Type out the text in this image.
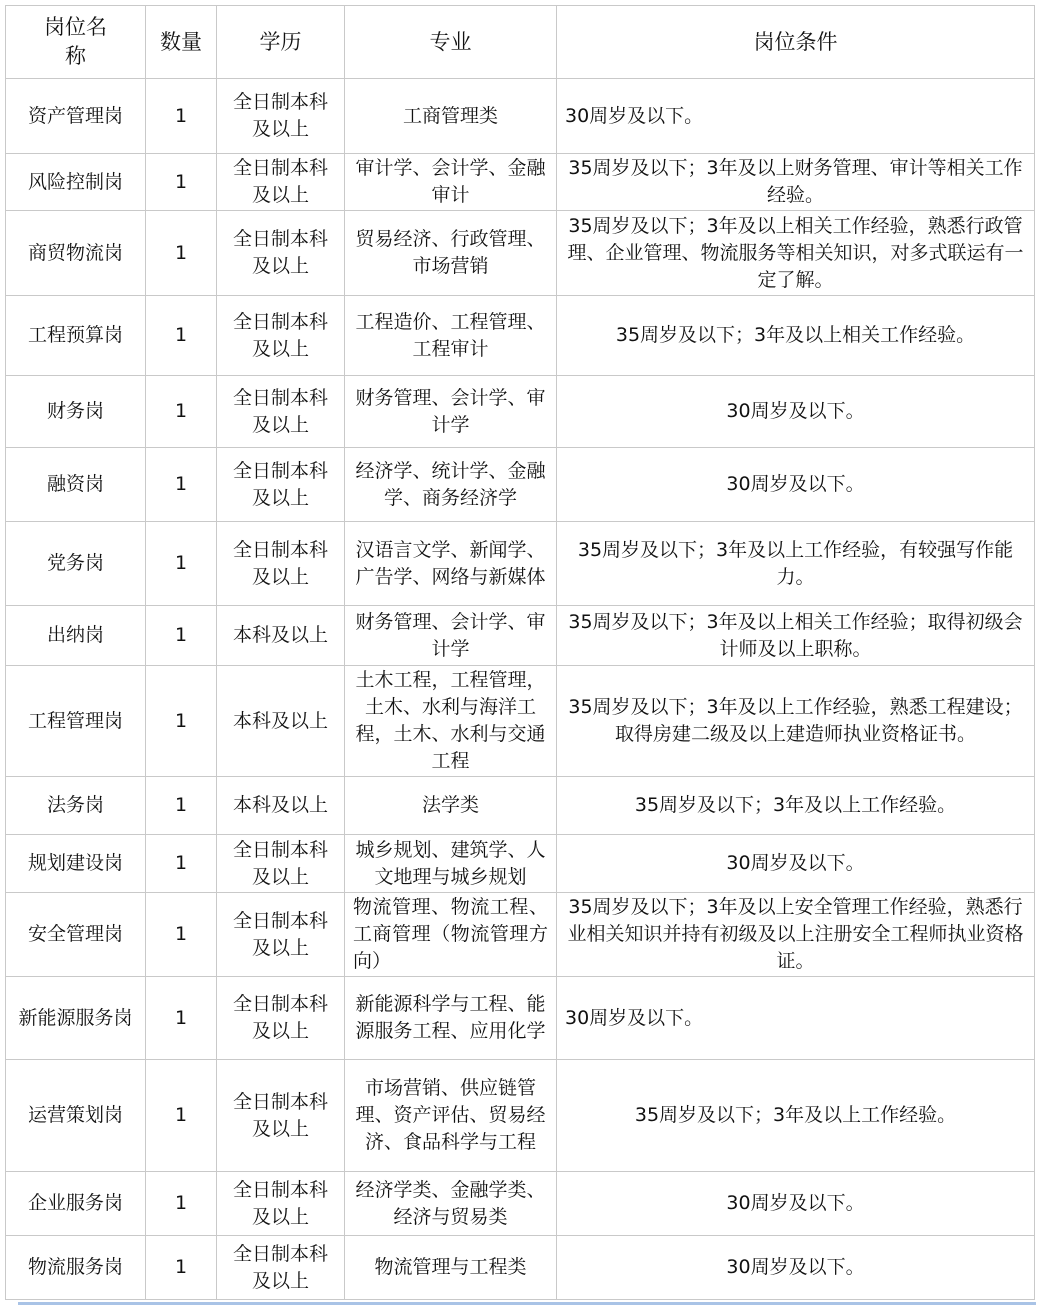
岗位名称	数量	学历	专业	岗位条件
资产管理岗	1	全日制本科及以上	工商管理类	30周岁及以下。
风险控制岗	1	全日制本科及以上	审计学、会计学、金融审计	35周岁及以下；3年及以上财务管理、审计等相关工作经验。
商贸物流岗	1	全日制本科及以上	贸易经济、行政管理、市场营销	35周岁及以下；3年及以上相关工作经验，熟悉行政管理、企业管理、物流服务等相关知识，对多式联运有一定了解。
工程预算岗	1	全日制本科及以上	工程造价、工程管理、工程审计	35周岁及以下；3年及以上相关工作经验。
财务岗	1	全日制本科及以上	财务管理、会计学、审计学	30周岁及以下。
融资岗	1	全日制本科及以上	经济学、统计学、金融学、商务经济学	30周岁及以下。
党务岗	1	全日制本科及以上	汉语言文学、新闻学、广告学、网络与新媒体	35周岁及以下；3年及以上工作经验，有较强写作能力。
出纳岗	1	本科及以上	财务管理、会计学、审计学	35周岁及以下；3年及以上相关工作经验；取得初级会计师及以上职称。
工程管理岗	1	本科及以上	土木工程，工程管理，土木、水利与海洋工程，土木、水利与交通工程	35周岁及以下；3年及以上工作经验，熟悉工程建设；取得房建二级及以上建造师执业资格证书。
法务岗	1	本科及以上	法学类	35周岁及以下；3年及以上工作经验。
规划建设岗	1	全日制本科及以上	城乡规划、建筑学、人文地理与城乡规划	30周岁及以下。
安全管理岗	1	全日制本科及以上	物流管理、物流工程、工商管理（物流管理方向）	35周岁及以下；3年及以上安全管理工作经验，熟悉行业相关知识并持有初级及以上注册安全工程师执业资格证。
新能源服务岗	1	全日制本科及以上	新能源科学与工程、能源服务工程、应用化学	30周岁及以下。
运营策划岗	1	全日制本科及以上	市场营销、供应链管理、资产评估、贸易经济、食品科学与工程	35周岁及以下；3年及以上工作经验。
企业服务岗	1	全日制本科及以上	经济学类、金融学类、经济与贸易类	30周岁及以下。
物流服务岗	1	全日制本科及以上	物流管理与工程类	30周岁及以下。
